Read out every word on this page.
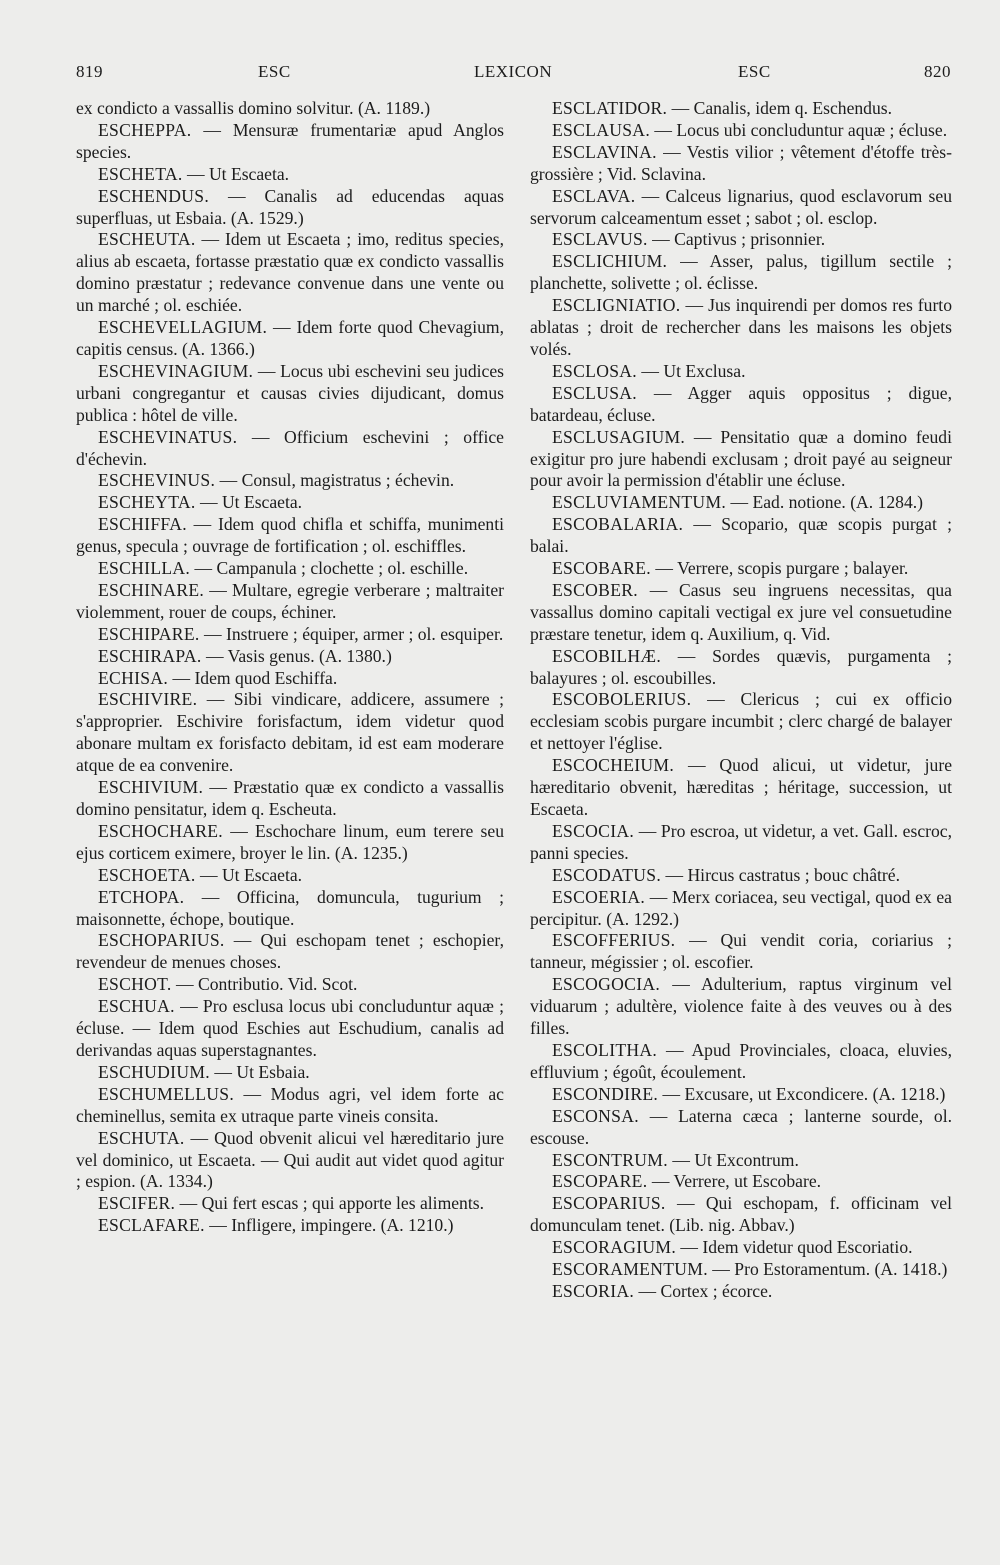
819	ESC	LEXICON	ESC	820

ex condicto a vassallis domino solvitur. (A. 1189.)

ESCHEPPA. — Mensuræ frumentariæ apud Anglos species.

ESCHETA. — Ut Escaeta.

ESCHENDUS. — Canalis ad educendas aquas superfluas, ut Esbaia. (A. 1529.)

ESCHEUTA. — Idem ut Escaeta ; imo, reditus species, alius ab escaeta, fortasse præstatio quæ ex condicto vassallis domino præstatur ; redevance convenue dans une vente ou un marché ; ol. eschiée.

ESCHEVELLAGIUM. — Idem forte quod Chevagium, capitis census. (A. 1366.)

ESCHEVINAGIUM. — Locus ubi eschevini seu judices urbani congregantur et causas civies dijudicant, domus publica : hôtel de ville.

ESCHEVINATUS. — Officium eschevini ; office d'échevin.

ESCHEVINUS. — Consul, magistratus ; échevin.

ESCHEYTA. — Ut Escaeta.

ESCHIFFA. — Idem quod chifla et schiffa, munimenti genus, specula ; ouvrage de fortification ; ol. eschiffles.

ESCHILLA. — Campanula ; clochette ; ol. eschille.

ESCHINARE. — Multare, egregie verberare ; maltraiter violemment, rouer de coups, échiner.

ESCHIPARE. — Instruere ; équiper, armer ; ol. esquiper.

ESCHIRAPA. — Vasis genus. (A. 1380.)

ECHISA. — Idem quod Eschiffa.

ESCHIVIRE. — Sibi vindicare, addicere, assumere ; s'approprier. Eschivire forisfactum, idem videtur quod abonare multam ex forisfacto debitam, id est eam moderare atque de ea convenire.

ESCHIVIUM. — Præstatio quæ ex condicto a vassallis domino pensitatur, idem q. Escheuta.

ESCHOCHARE. — Eschochare linum, eum terere seu ejus corticem eximere, broyer le lin. (A. 1235.)

ESCHOETA. — Ut Escaeta.

ETCHOPA. — Officina, domuncula, tugurium ; maisonnette, échope, boutique.

ESCHOPARIUS. — Qui eschopam tenet ; eschopier, revendeur de menues choses.

ESCHOT. — Contributio. Vid. Scot.

ESCHUA. — Pro esclusa locus ubi concluduntur aquæ ; écluse. — Idem quod Eschies aut Eschudium, canalis ad derivandas aquas superstagnantes.

ESCHUDIUM. — Ut Esbaia.

ESCHUMELLUS. — Modus agri, vel idem forte ac cheminellus, semita ex utraque parte vineis consita.

ESCHUTA. — Quod obvenit alicui vel hæreditario jure vel dominico, ut Escaeta. — Qui audit aut videt quod agitur ; espion. (A. 1334.)

ESCIFER. — Qui fert escas ; qui apporte les aliments.

ESCLAFARE. — Infligere, impingere. (A. 1210.)

ESCLATIDOR. — Canalis, idem q. Eschendus.

ESCLAUSA. — Locus ubi concluduntur aquæ ; écluse.

ESCLAVINA. — Vestis vilior ; vêtement d'étoffe très-grossière ; Vid. Sclavina.

ESCLAVA. — Calceus lignarius, quod esclavorum seu servorum calceamentum esset ; sabot ; ol. esclop.

ESCLAVUS. — Captivus ; prisonnier.

ESCLICHIUM. — Asser, palus, tigillum sectile ; planchette, solivette ; ol. éclisse.

ESCLIGNIATIO. — Jus inquirendi per domos res furto ablatas ; droit de rechercher dans les maisons les objets volés.

ESCLOSA. — Ut Exclusa.

ESCLUSA. — Agger aquis oppositus ; digue, batardeau, écluse.

ESCLUSAGIUM. — Pensitatio quæ a domino feudi exigitur pro jure habendi exclusam ; droit payé au seigneur pour avoir la permission d'établir une écluse.

ESCLUVIAMENTUM. — Ead. notione. (A. 1284.)

ESCOBALARIA. — Scopario, quæ scopis purgat ; balai.

ESCOBARE. — Verrere, scopis purgare ; balayer.

ESCOBER. — Casus seu ingruens necessitas, qua vassallus domino capitali vectigal ex jure vel consuetudine præstare tenetur, idem q. Auxilium, q. Vid.

ESCOBILHÆ. — Sordes quævis, purgamenta ; balayures ; ol. escoubilles.

ESCOBOLERIUS. — Clericus ; cui ex officio ecclesiam scobis purgare incumbit ; clerc chargé de balayer et nettoyer l'église.

ESCOCHEIUM. — Quod alicui, ut videtur, jure hæreditario obvenit, hæreditas ; héritage, succession, ut Escaeta.

ESCOCIA. — Pro escroa, ut videtur, a vet. Gall. escroc, panni species.

ESCODATUS. — Hircus castratus ; bouc châtré.

ESCOERIA. — Merx coriacea, seu vectigal, quod ex ea percipitur. (A. 1292.)

ESCOFFERIUS. — Qui vendit coria, coriarius ; tanneur, mégissier ; ol. escofier.

ESCOGOCIA. — Adulterium, raptus virginum vel viduarum ; adultère, violence faite à des veuves ou à des filles.

ESCOLITHA. — Apud Provinciales, cloaca, eluvies, effluvium ; égoût, écoulement.

ESCONDIRE. — Excusare, ut Excondicere. (A. 1218.)

ESCONSA. — Laterna cæca ; lanterne sourde, ol. escouse.

ESCONTRUM. — Ut Excontrum.

ESCOPARE. — Verrere, ut Escobare.

ESCOPARIUS. — Qui eschopam, f. officinam vel domunculam tenet. (Lib. nig. Abbav.)

ESCORAGIUM. — Idem videtur quod Escoriatio.

ESCORAMENTUM. — Pro Estoramentum. (A. 1418.)

ESCORIA. — Cortex ; écorce.
